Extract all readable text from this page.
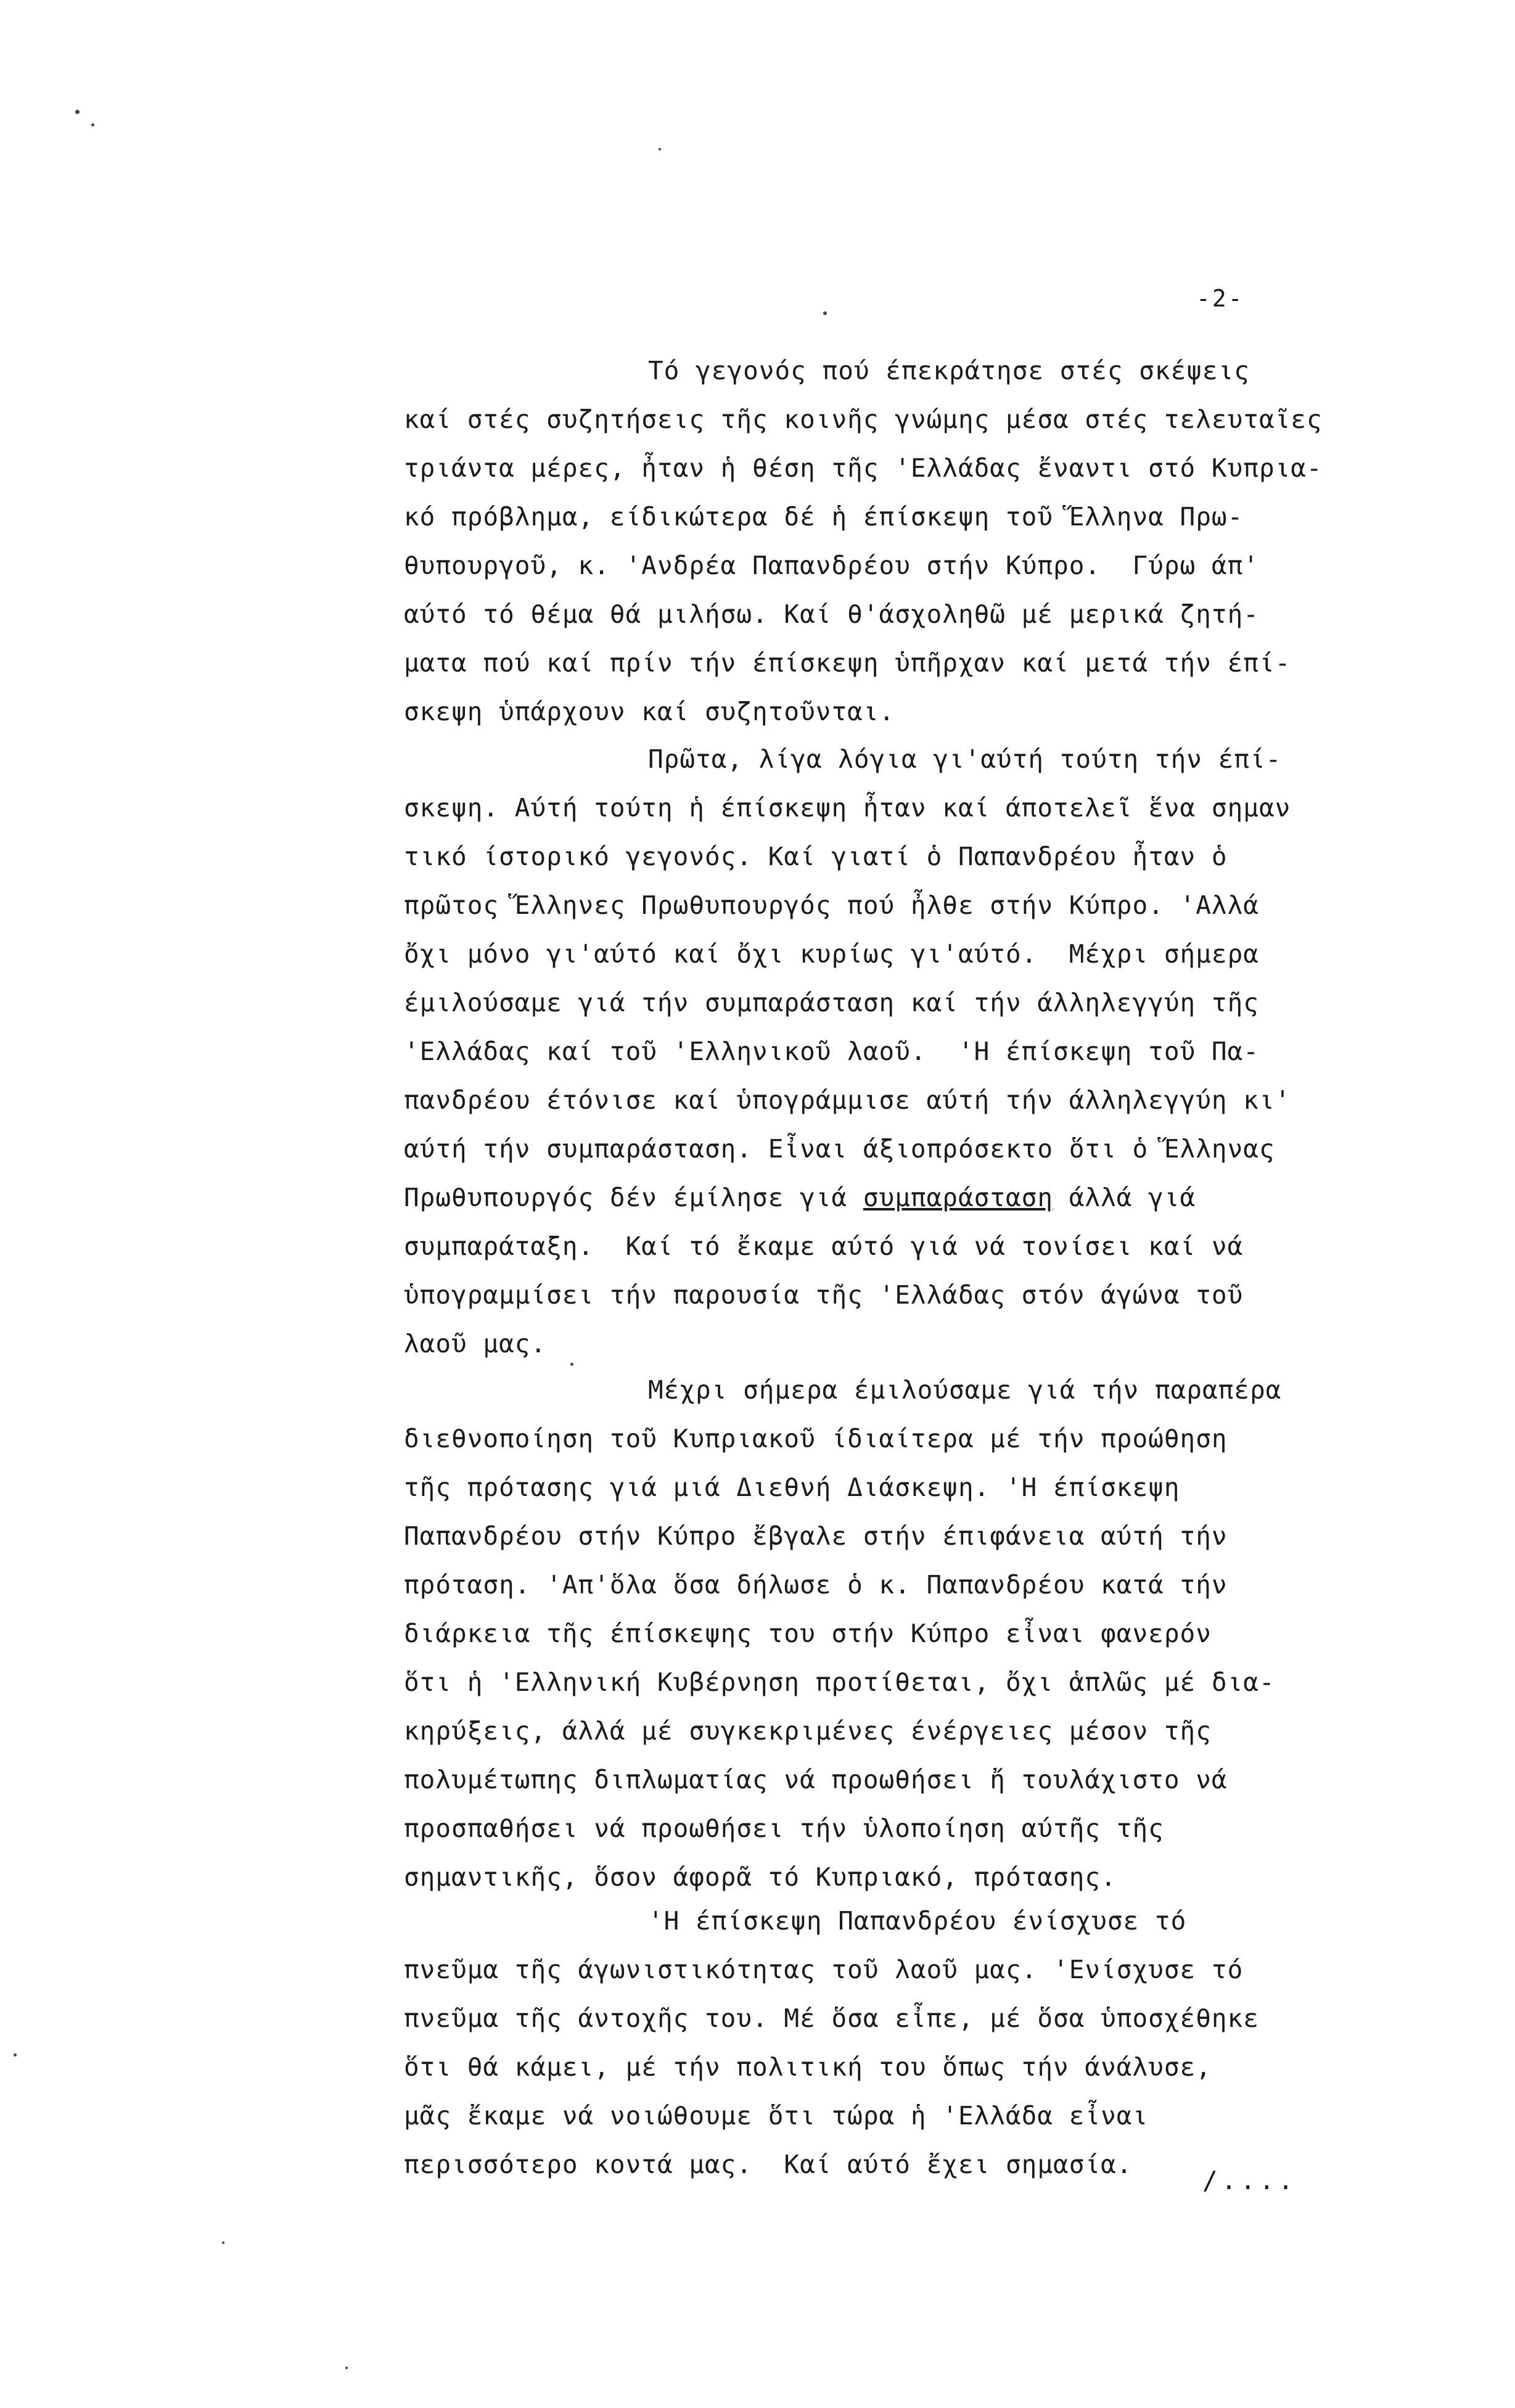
-2-
Τό γεγονός πού έπεκράτησε στές σκέψεις
καί στές συζητήσεις τῆς κοινῆς γνώμης μέσα στές τελευταῖες
τριάντα μέρες, ἦταν ἡ θέση τῆς 'Ελλάδας ἔναντι στό Κυπρια-
κό πρόβλημα, είδικώτερα δέ ἡ έπίσκεψη τοῦ Ἕλληνα Πρω-
θυπουργοῦ, κ. 'Ανδρέα Παπανδρέου στήν Κύπρο.  Γύρω άπ'
αύτό τό θέμα θά μιλήσω. Καί θ'άσχοληθῶ μέ μερικά ζητή-
ματα πού καί πρίν τήν έπίσκεψη ὑπῆρχαν καί μετά τήν έπί-
σκεψη ὑπάρχουν καί συζητοῦνται.
Πρῶτα, λίγα λόγια γι'αύτή τούτη τήν έπί-
σκεψη. Αύτή τούτη ἡ έπίσκεψη ἦταν καί άποτελεῖ ἕνα σημαν
τικό ίστορικό γεγονός. Καί γιατί ὁ Παπανδρέου ἦταν ὁ
πρῶτος Ἕλληνες Πρωθυπουργός πού ἦλθε στήν Κύπρο. 'Αλλά
ὄχι μόνο γι'αύτό καί ὄχι κυρίως γι'αύτό.  Μέχρι σήμερα
έμιλούσαμε γιά τήν συμπαράσταση καί τήν άλληλεγγύη τῆς
'Ελλάδας καί τοῦ 'Ελληνικοῦ λαοῦ.  'Η έπίσκεψη τοῦ Πα-
πανδρέου έτόνισε καί ὑπογράμμισε αύτή τήν άλληλεγγύη κι'
αύτή τήν συμπαράσταση. Εἶναι άξιοπρόσεκτο ὅτι ὁ Ἕλληνας
Πρωθυπουργός δέν έμίλησε γιά συμπαράσταση άλλά γιά
συμπαράταξη.  Καί τό ἔκαμε αύτό γιά νά τονίσει καί νά
ὑπογραμμίσει τήν παρουσία τῆς 'Ελλάδας στόν άγώνα τοῦ
λαοῦ μας.
Μέχρι σήμερα έμιλούσαμε γιά τήν παραπέρα
διεθνοποίηση τοῦ Κυπριακοῦ ίδιαίτερα μέ τήν προώθηση
τῆς πρότασης γιά μιά Διεθνή Διάσκεψη. 'Η έπίσκεψη
Παπανδρέου στήν Κύπρο ἔβγαλε στήν έπιφάνεια αύτή τήν
πρόταση. 'Απ'ὅλα ὅσα δήλωσε ὁ κ. Παπανδρέου κατά τήν
διάρκεια τῆς έπίσκεψης του στήν Κύπρο εἶναι φανερόν
ὅτι ἡ 'Ελληνική Κυβέρνηση προτίθεται, ὄχι ἁπλῶς μέ δια-
κηρύξεις, άλλά μέ συγκεκριμένες ένέργειες μέσον τῆς
πολυμέτωπης διπλωματίας νά προωθήσει ἤ τουλάχιστο νά
προσπαθήσει νά προωθήσει τήν ὑλοποίηση αύτῆς τῆς
σημαντικῆς, ὅσον άφορᾶ τό Κυπριακό, πρότασης.
'Η έπίσκεψη Παπανδρέου ένίσχυσε τό
πνεῦμα τῆς άγωνιστικότητας τοῦ λαοῦ μας. 'Ενίσχυσε τό
πνεῦμα τῆς άντοχῆς του. Μέ ὅσα εἶπε, μέ ὅσα ὑποσχέθηκε
ὅτι θά κάμει, μέ τήν πολιτική του ὅπως τήν άνάλυσε,
μᾶς ἔκαμε νά νοιώθουμε ὅτι τώρα ἡ 'Ελλάδα εἶναι
περισσότερο κοντά μας.  Καί αύτό ἔχει σημασία.
/....
